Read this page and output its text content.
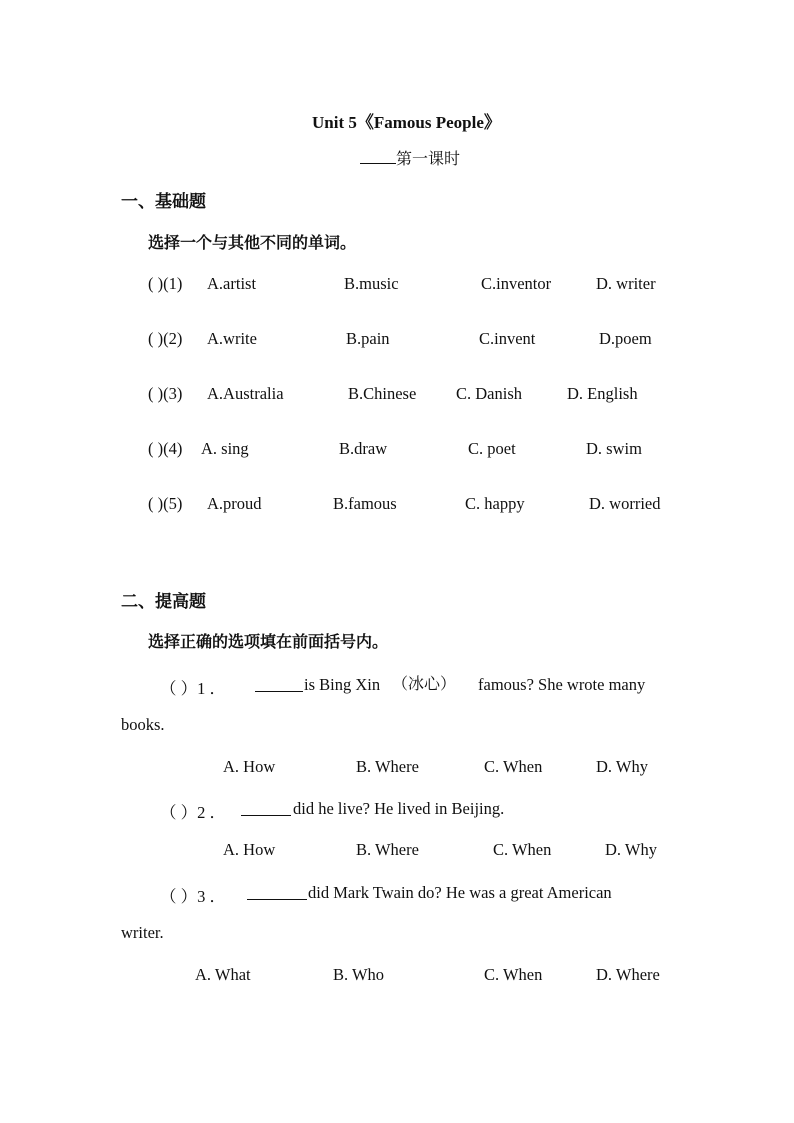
Unit 5《Famous People》
第一课时
一、基础题
选择一个与其他不同的单词。
( )(1) A.artist	B.music	C.inventor	D. writer
( )(2) A.write	B.pain	C.invent	D.poem
( )(3) A.Australia	B.Chinese C. Danish	D. English
( )(4) A. sing	B.draw	C. poet	D. swim
( )(5) A.proud	B.famous	C. happy	D. worried
二、提高题
选择正确的选项填在前面括号内。
（ ）1 ．	is Bing Xin （冰心） famous? She wrote many
books.
A. How	B. Where	C. When	D. Why
（ ）2 ．	did he live? He lived in Beijing.
A. How	B. Where	C. When	D. Why
（ ）3 ．	did Mark Twain do? He was a great American
writer.
A. What	B. Who	C. When	D. Where
